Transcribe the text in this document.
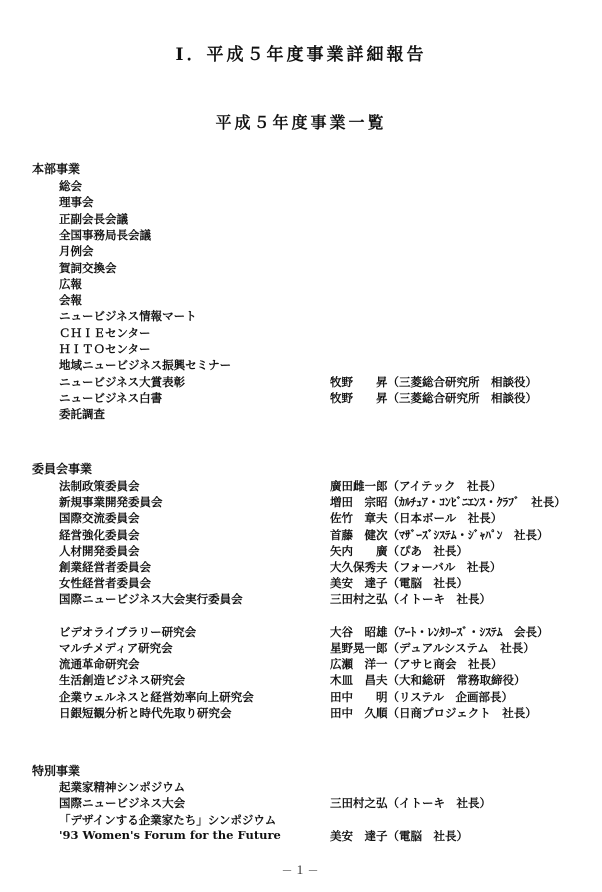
Ⅰ．平成５年度事業詳細報告
平成５年度事業一覧
本部事業
総会
理事会
正副会長会議
全国事務局長会議
月例会
賀詞交換会
広報
会報
ニュービジネス情報マート
ＣＨＩＥセンター
ＨＩＴＯセンター
地域ニュービジネス振興セミナー
ニュービジネス大賞表彰	牧野　　昇（三菱総合研究所　相談役）
ニュービジネス白書	牧野　　昇（三菱総合研究所　相談役）
委託調査
委員会事業
法制政策委員会	廣田雌一郎（アイテック　社長）
新規事業開発委員会	増田　宗昭（ｶﾙﾁｭｱ・ｺﾝﾋﾞﾆｴﾝｽ・ｸﾗﾌﾞ　社長）
国際交流委員会	佐竹　章夫（日本ボール　社長）
経営強化委員会	首藤　健次（ﾏｻﾞｰｽﾞｼｽﾃﾑ・ｼﾞｬﾊﾟﾝ　社長）
人材開発委員会	矢内　　廣（ぴあ　社長）
創業経営者委員会	大久保秀夫（フォーバル　社長）
女性経営者委員会	美安　達子（電脳　社長）
国際ニュービジネス大会実行委員会	三田村之弘（イトーキ　社長）
ビデオライブラリー研究会	大谷　昭雄（ｱｰﾄ・ﾚﾝﾀﾘｰｽﾞ・ｼｽﾃﾑ　会長）
マルチメディア研究会	星野晃一郎（デュアルシステム　社長）
流通革命研究会	広瀬　洋一（アサヒ商会　社長）
生活創造ビジネス研究会	木皿　昌夫（大和総研　常務取締役）
企業ウェルネスと経営効率向上研究会	田中　　明（リステル　企画部長）
日銀短観分析と時代先取り研究会	田中　久順（日商プロジェクト　社長）
特別事業
起業家精神シンポジウム
国際ニュービジネス大会	三田村之弘（イトーキ　社長）
「デザインする企業家たち」シンポジウム
'93 Women's Forum for the Future	美安　達子（電脳　社長）
－１－
